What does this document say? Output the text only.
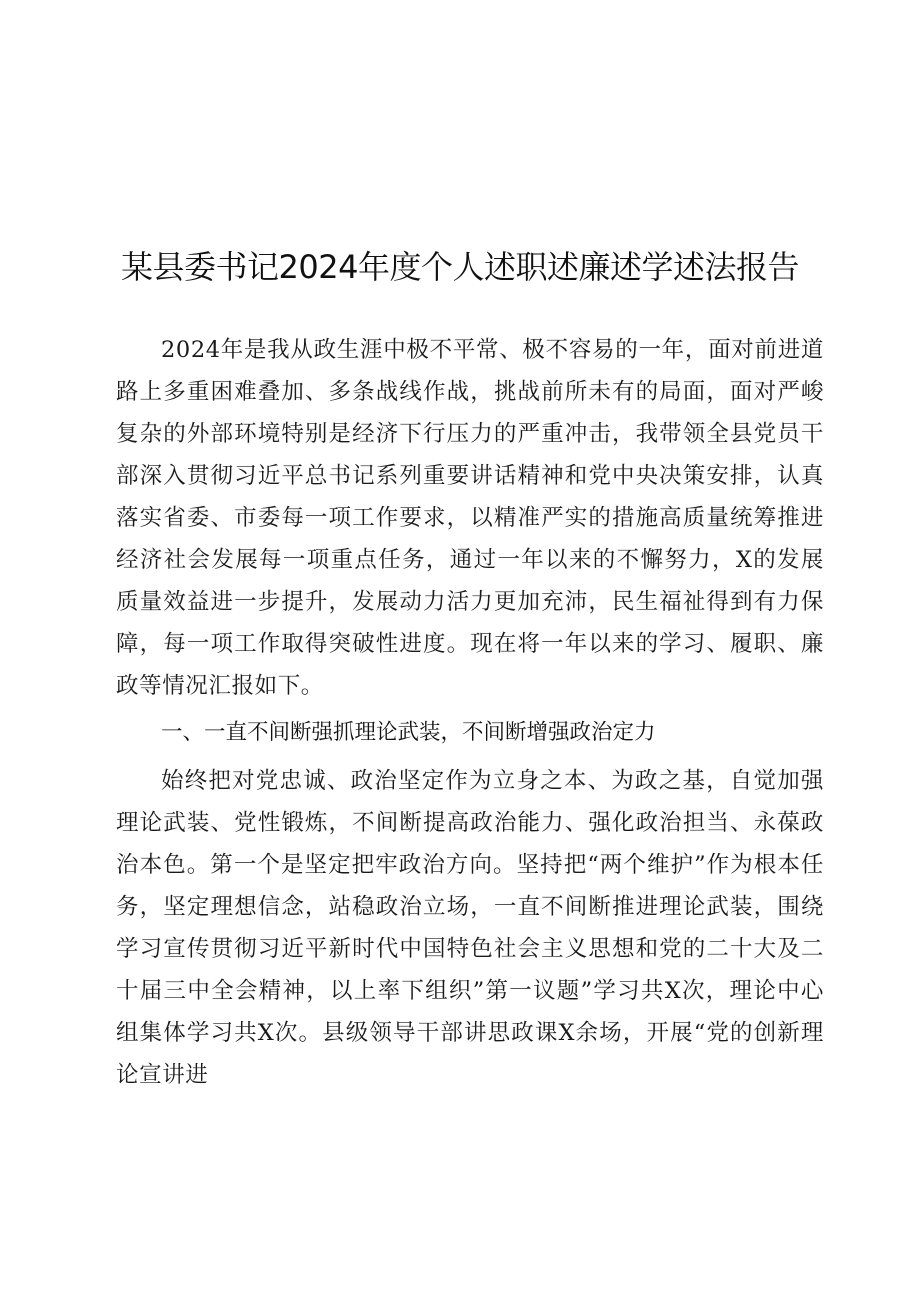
某县委书记2024年度个人述职述廉述学述法报告

2024年是我从政生涯中极不平常、极不容易的一年，面对前进道路上多重困难叠加、多条战线作战，挑战前所未有的局面，面对严峻复杂的外部环境特别是经济下行压力的严重冲击，我带领全县党员干部深入贯彻习近平总书记系列重要讲话精神和党中央决策安排，认真落实省委、市委每一项工作要求，以精准严实的措施高质量统筹推进经济社会发展每一项重点任务，通过一年以来的不懈努力，X的发展质量效益进一步提升，发展动力活力更加充沛，民生福祉得到有力保障，每一项工作取得突破性进度。现在将一年以来的学习、履职、廉政等情况汇报如下。

一、一直不间断强抓理论武装，不间断增强政治定力

始终把对党忠诚、政治坚定作为立身之本、为政之基，自觉加强理论武装、党性锻炼，不间断提高政治能力、强化政治担当、永葆政治本色。第一个是坚定把牢政治方向。坚持把“两个维护”作为根本任务，坚定理想信念，站稳政治立场，一直不间断推进理论武装，围绕学习宣传贯彻习近平新时代中国特色社会主义思想和党的二十大及二十届三中全会精神，以上率下组织”第一议题”学习共X次，理论中心组集体学习共X次。县级领导干部讲思政课X余场，开展“党的创新理论宣讲进
